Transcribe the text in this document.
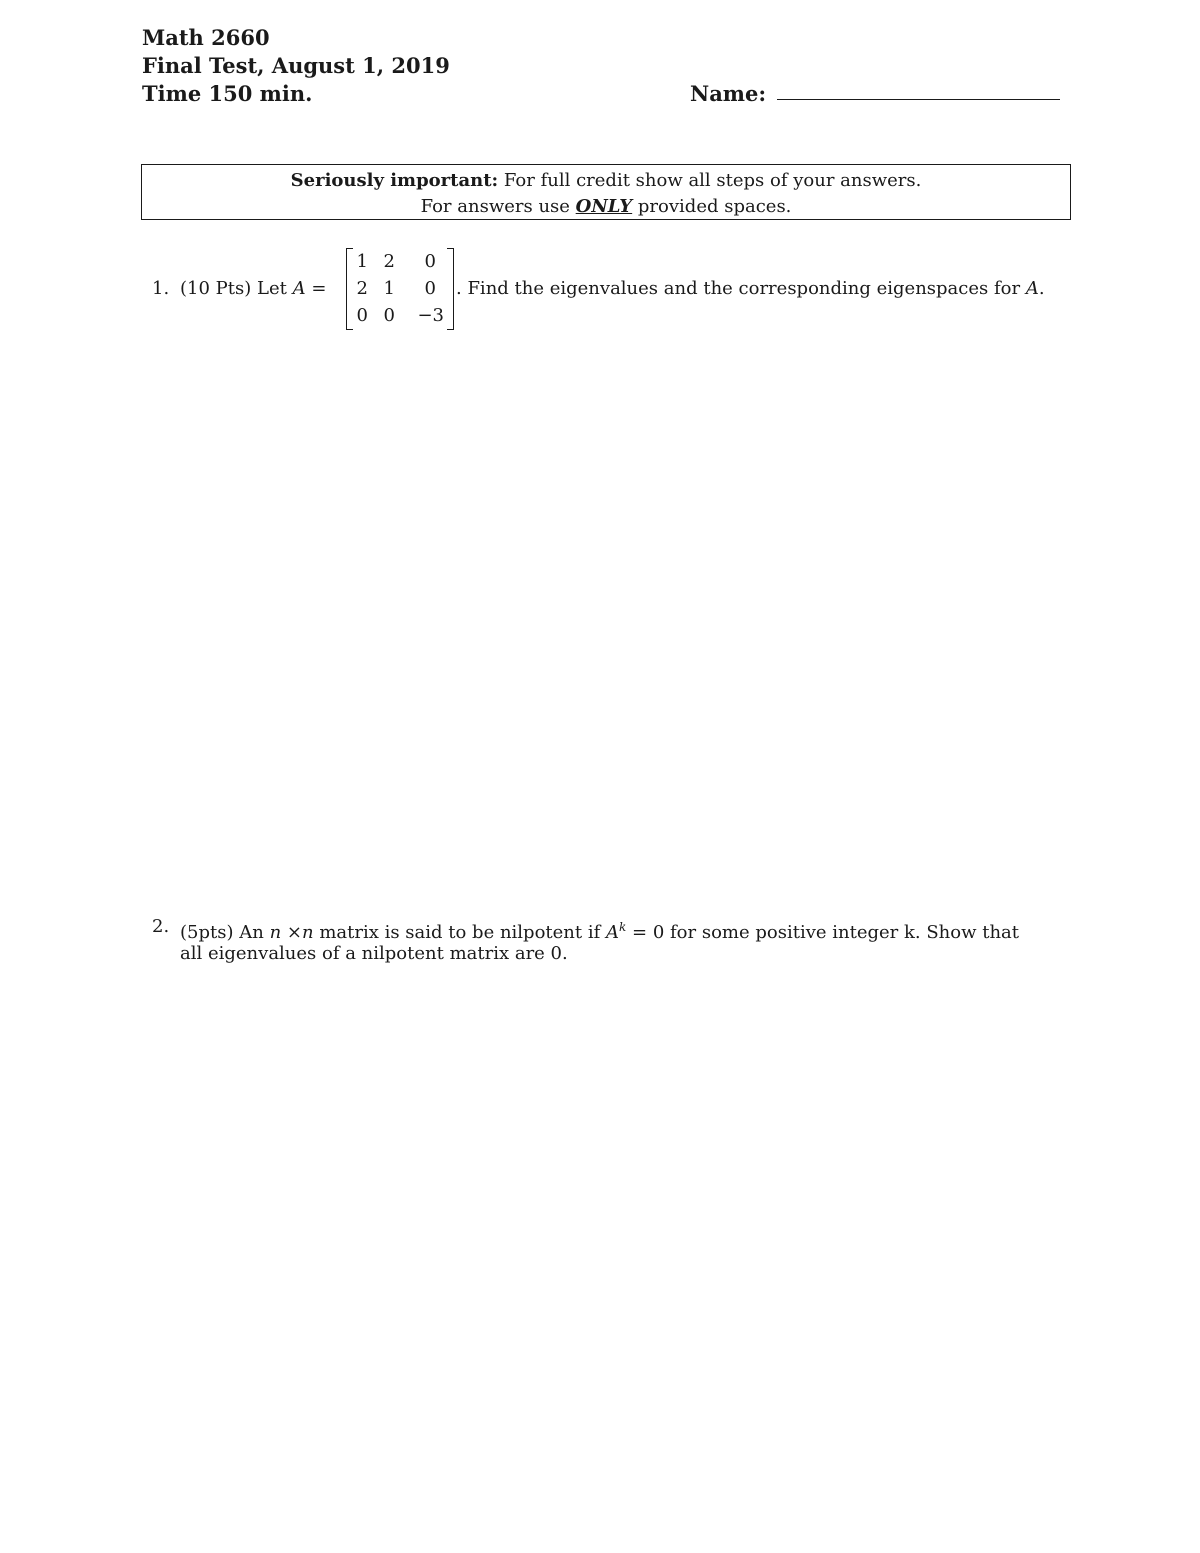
Math 2660
Final Test, August 1, 2019
Time 150 min.	Name:
Seriously important: For full credit show all steps of your answers.
For answers use ONLY provided spaces.
1. (10 Pts) Let A =
1 2	0
2 1	0
0 0	−3
. Find the eigenvalues and the corresponding eigenspaces for A.
2. (5pts) An n ×n matrix is said to be nilpotent if $A^k = 0$ for some positive integer k. Show that
all eigenvalues of a nilpotent matrix are 0.
